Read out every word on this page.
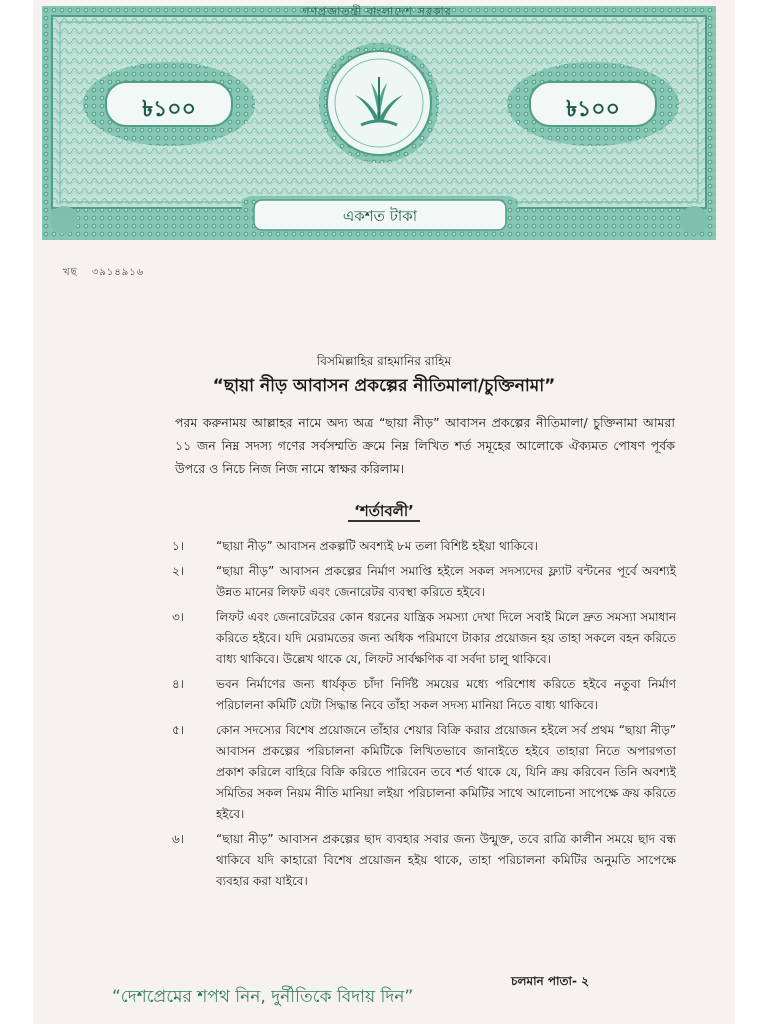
গণপ্রজাতন্ত্রী বাংলাদেশ সরকার
৳১০০	৳১০০
একশত টাকা
খছ ৩৯১৪৯১৬
বিসমিল্লাহির রাহমানির রাহিম
“ছায়া নীড় আবাসন প্রকল্পের নীতিমালা/চুক্তিনামা”
পরম করুনাময় আল্লাহর নামে অদ্য অত্র “ছায়া নীড়” আবাসন প্রকল্পের নীতিমালা/ চুক্তিনামা আমরা ১১ জন নিম্ন সদস্য গণের সর্বসম্মতি ক্রমে নিম্ন লিখিত শর্ত সমূহের আলোকে ঐক্যমত পোষণ পূর্বক উপরে ও নিচে নিজ নিজ নামে স্বাক্ষর করিলাম।
‘শর্তাবলী’
১।	“ছায়া নীড়” আবাসন প্রকল্পটি অবশ্যই ৮ম তলা বিশিষ্ট হইয়া থাকিবে।
২।	“ছায়া নীড়” আবাসন প্রকল্পের নির্মাণ সমাপ্তি হইলে সকল সদস্যদের ফ্ল্যাট বন্টনের পূর্বে অবশ্যই উন্নত মানের লিফট এবং জেনারেটর ব্যবস্থা করিতে হইবে।
৩।	লিফট এবং জেনারেটরের কোন ধরনের যান্ত্রিক সমস্যা দেখা দিলে সবাই মিলে দ্রুত সমস্যা সমাধান করিতে হইবে। যদি মেরামতের জন্য অধিক পরিমাণে টাকার প্রয়োজন হয় তাহা সকলে বহন করিতে বাধ্য থাকিবে। উল্লেখ থাকে যে, লিফট সার্বক্ষণিক বা সর্বদা চালু থাকিবে।
৪।	ভবন নির্মাণের জন্য ধার্যকৃত চাঁদা নির্দিষ্ট সময়ের মধ্যে পরিশোধ করিতে হইবে নতুবা নির্মাণ পরিচালনা কমিটি যেটা সিদ্ধান্ত নিবে তাঁহা সকল সদস্য মানিয়া নিতে বাধ্য থাকিবে।
৫।	কোন সদস্যের বিশেষ প্রয়োজনে তাঁহার শেয়ার বিক্রি করার প্রয়োজন হইলে সর্ব প্রথম “ছায়া নীড়” আবাসন প্রকল্পের পরিচালনা কমিটিকে লিখিতভাবে জানাইতে হইবে তাহারা নিতে অপারগতা প্রকাশ করিলে বাহিরে বিক্রি করিতে পারিবেন তবে শর্ত থাকে যে, যিনি ক্রয় করিবেন তিনি অবশ্যই সমিতির সকল নিয়ম নীতি মানিয়া লইয়া পরিচালনা কমিটির সাথে আলোচনা সাপেক্ষে ক্রয় করিতে হইবে।
৬।	“ছায়া নীড়” আবাসন প্রকল্পের ছাদ ব্যবহার সবার জন্য উন্মুক্ত, তবে রাত্রি কালীন সময়ে ছাদ বন্ধ থাকিবে যদি কাহারো বিশেষ প্রয়োজন হইয় থাকে, তাহা পরিচালনা কমিটির অনুমতি সাপেক্ষে ব্যবহার করা যাইবে।
চলমান পাতা- ২
“দেশপ্রেমের শপথ নিন, দুর্নীতিকে বিদায় দিন”
